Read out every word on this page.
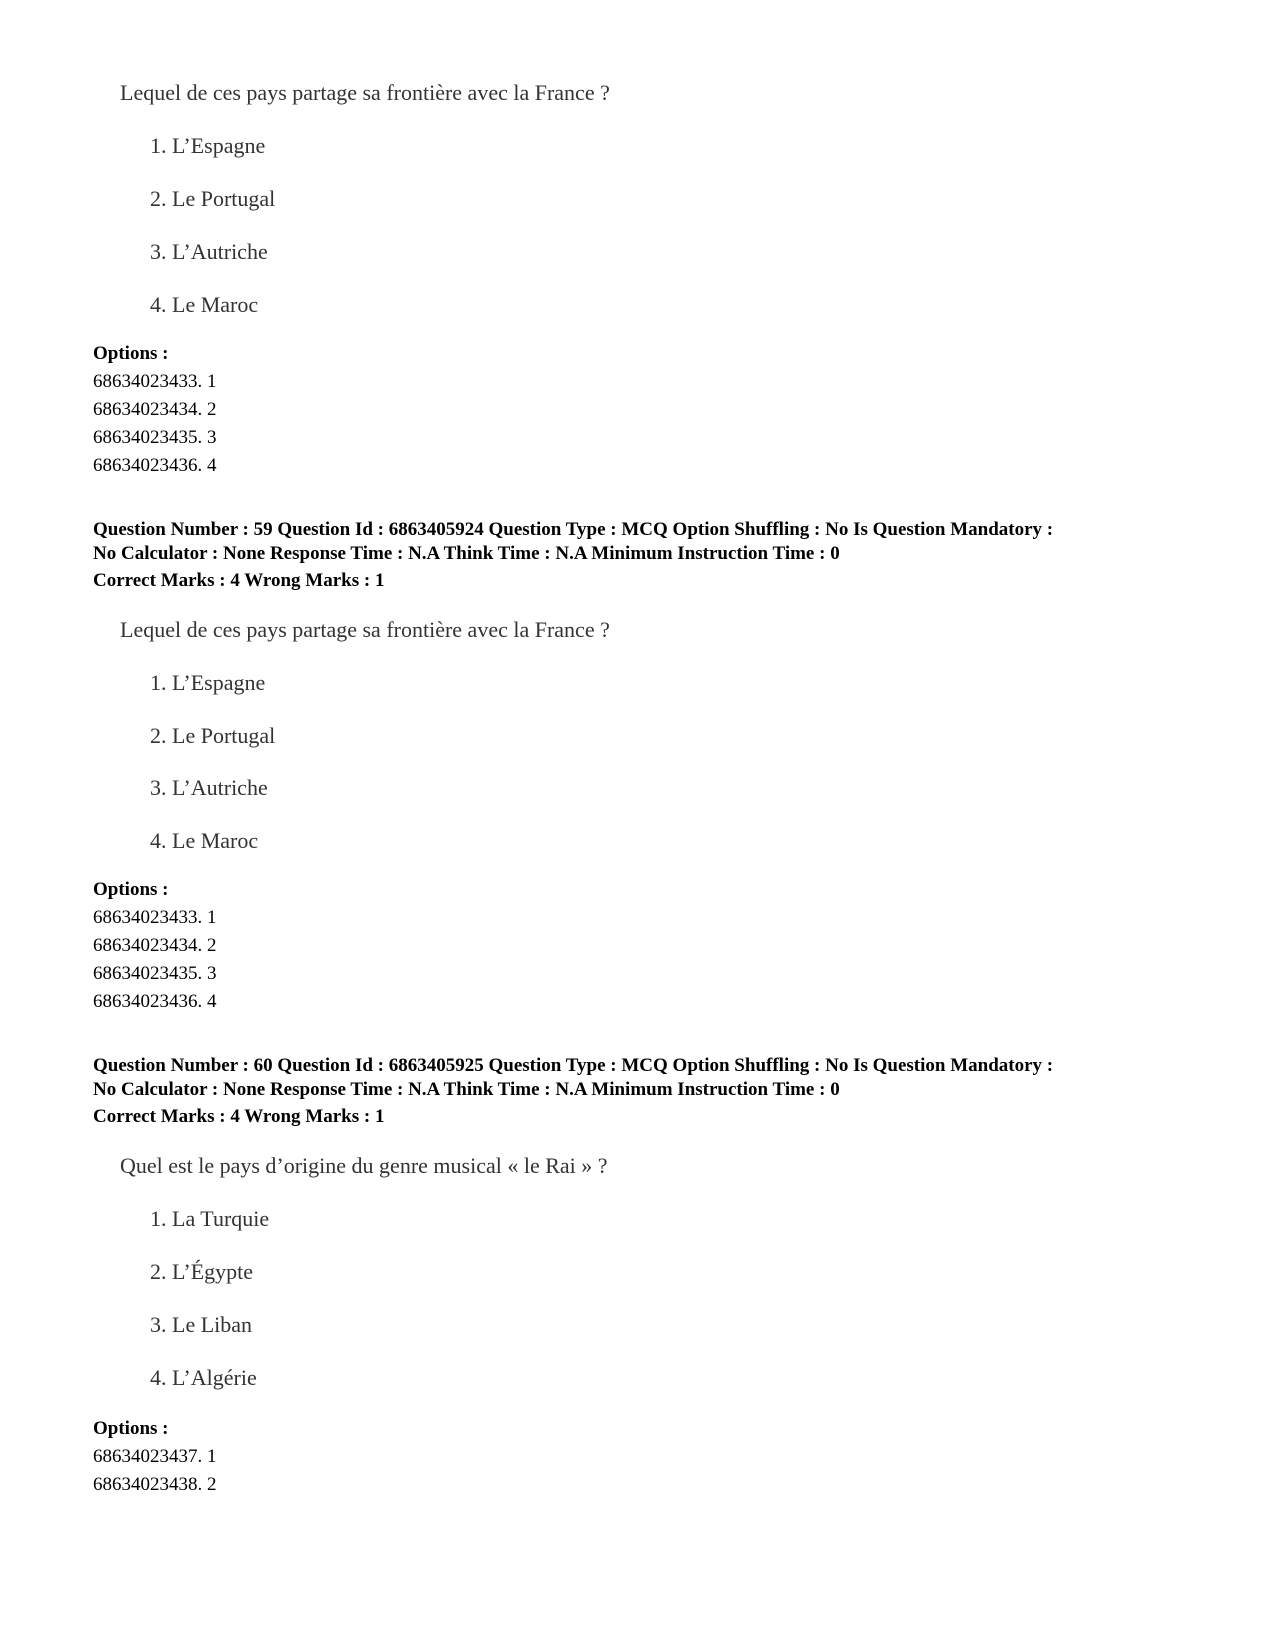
Lequel de ces pays partage sa frontière avec la France ?
1. L’Espagne
2. Le Portugal
3. L’Autriche
4. Le Maroc
Options :
68634023433. 1
68634023434. 2
68634023435. 3
68634023436. 4
Question Number : 59 Question Id : 6863405924 Question Type : MCQ Option Shuffling : No Is Question Mandatory :
No Calculator : None Response Time : N.A Think Time : N.A Minimum Instruction Time : 0
Correct Marks : 4 Wrong Marks : 1
Lequel de ces pays partage sa frontière avec la France ?
1. L’Espagne
2. Le Portugal
3. L’Autriche
4. Le Maroc
Options :
68634023433. 1
68634023434. 2
68634023435. 3
68634023436. 4
Question Number : 60 Question Id : 6863405925 Question Type : MCQ Option Shuffling : No Is Question Mandatory :
No Calculator : None Response Time : N.A Think Time : N.A Minimum Instruction Time : 0
Correct Marks : 4 Wrong Marks : 1
Quel est le pays d’origine du genre musical « le Rai » ?
1. La Turquie
2. L’Égypte
3. Le Liban
4. L’Algérie
Options :
68634023437. 1
68634023438. 2
